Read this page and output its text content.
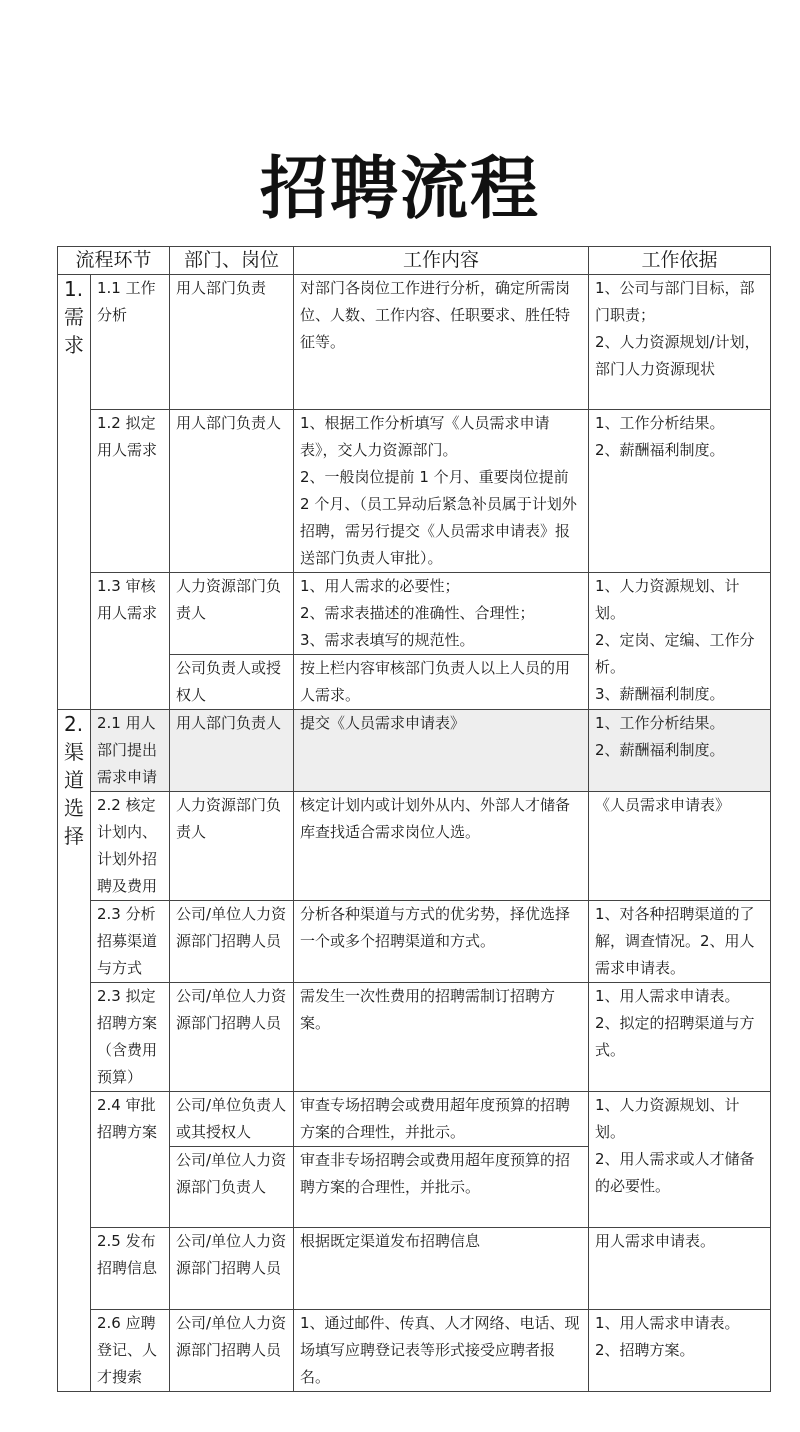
招聘流程
流程环节		部门、岗位	工作内容	工作依据

1.
需
求	1.1 工作分析	用人部门负责	对部门各岗位工作进行分析，确定所需岗位、人数、工作内容、任职要求、胜任特征等。	1、公司与部门目标，部门职责；
2、人力资源规划/计划，部门人力资源现状

	1.2 拟定用人需求	用人部门负责人	1、根据工作分析填写《人员需求申请表》，交人力资源部门。
2、一般岗位提前 1 个月、重要岗位提前 2 个月、（员工异动后紧急补员属于计划外招聘，需另行提交《人员需求申请表》报送部门负责人审批）。	1、工作分析结果。
2、薪酬福利制度。

	1.3 审核用人需求	人力资源部门负责人	1、用人需求的必要性；
2、需求表描述的准确性、合理性；
3、需求表填写的规范性。	1、人力资源规划、计划。
2、定岗、定编、工作分析。
3、薪酬福利制度。

		公司负责人或授权人	按上栏内容审核部门负责人以上人员的用人需求。	

2.
渠
道
选
择	2.1 用人部门提出需求申请	用人部门负责人	提交《人员需求申请表》	1、工作分析结果。
2、薪酬福利制度。

	2.2 核定计划内、计划外招聘及费用	人力资源部门负责人	核定计划内或计划外从内、外部人才储备库查找适合需求岗位人选。	《人员需求申请表》
	2.3 分析招募渠道与方式	公司/单位人力资源部门招聘人员	分析各种渠道与方式的优劣势，择优选择一个或多个招聘渠道和方式。	1、对各种招聘渠道的了解，调查情况。2、用人需求申请表。
	2.3 拟定招聘方案（含费用预算）	公司/单位人力资源部门招聘人员	需发生一次性费用的招聘需制订招聘方案。	1、用人需求申请表。
2、拟定的招聘渠道与方式。

	2.4 审批招聘方案	公司/单位负责人或其授权人	审查专场招聘会或费用超年度预算的招聘方案的合理性，并批示。	1、人力资源规划、计划。
2、用人需求或人才储备的必要性。

		公司/单位人力资源部门负责人	审查非专场招聘会或费用超年度预算的招聘方案的合理性，并批示。	
	2.5 发布招聘信息	公司/单位人力资源部门招聘人员	根据既定渠道发布招聘信息	用人需求申请表。
	2.6 应聘登记、人才搜索	公司/单位人力资源部门招聘人员	1、通过邮件、传真、人才网络、电话、现场填写应聘登记表等形式接受应聘者报名。	1、用人需求申请表。
2、招聘方案。
